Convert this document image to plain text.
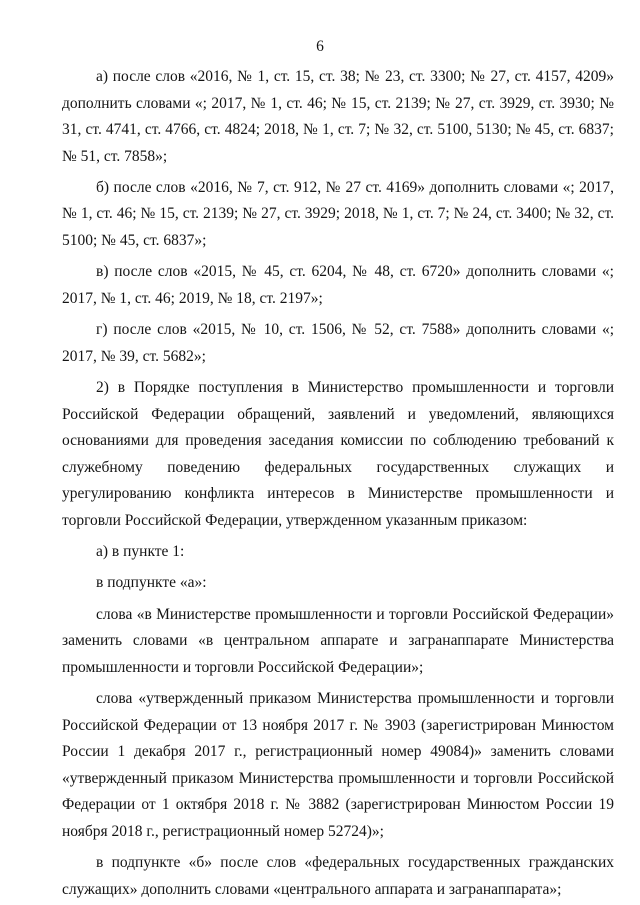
6

а) после слов «2016, № 1, ст. 15, ст. 38; № 23, ст. 3300; № 27, ст. 4157, 4209» дополнить словами «; 2017, № 1, ст. 46; № 15, ст. 2139; № 27, ст. 3929, ст. 3930; № 31, ст. 4741, ст. 4766, ст. 4824; 2018, № 1, ст. 7; № 32, ст. 5100, 5130; № 45, ст. 6837; № 51, ст. 7858»;

б) после слов «2016, № 7, ст. 912, № 27 ст. 4169» дополнить словами «; 2017, № 1, ст. 46; № 15, ст. 2139; № 27, ст. 3929; 2018, № 1, ст. 7; № 24, ст. 3400; № 32, ст. 5100; № 45, ст. 6837»;

в) после слов «2015, № 45, ст. 6204, № 48, ст. 6720» дополнить словами «; 2017, № 1, ст. 46; 2019, № 18, ст. 2197»;

г) после слов «2015, № 10, ст. 1506, № 52, ст. 7588» дополнить словами «; 2017, № 39, ст. 5682»;

2) в Порядке поступления в Министерство промышленности и торговли Российской Федерации обращений, заявлений и уведомлений, являющихся основаниями для проведения заседания комиссии по соблюдению требований к служебному поведению федеральных государственных служащих и урегулированию конфликта интересов в Министерстве промышленности и торговли Российской Федерации, утвержденном указанным приказом:

а) в пункте 1:

в подпункте «а»:

слова «в Министерстве промышленности и торговли Российской Федерации» заменить словами «в центральном аппарате и загранаппарате Министерства промышленности и торговли Российской Федерации»;

слова «утвержденный приказом Министерства промышленности и торговли Российской Федерации от 13 ноября 2017 г. № 3903 (зарегистрирован Минюстом России 1 декабря 2017 г., регистрационный номер 49084)» заменить словами «утвержденный приказом Министерства промышленности и торговли Российской Федерации от 1 октября 2018 г. № 3882 (зарегистрирован Минюстом России 19 ноября 2018 г., регистрационный номер 52724)»;

в подпункте «б» после слов «федеральных государственных гражданских служащих» дополнить словами «центрального аппарата и загранаппарата»;
